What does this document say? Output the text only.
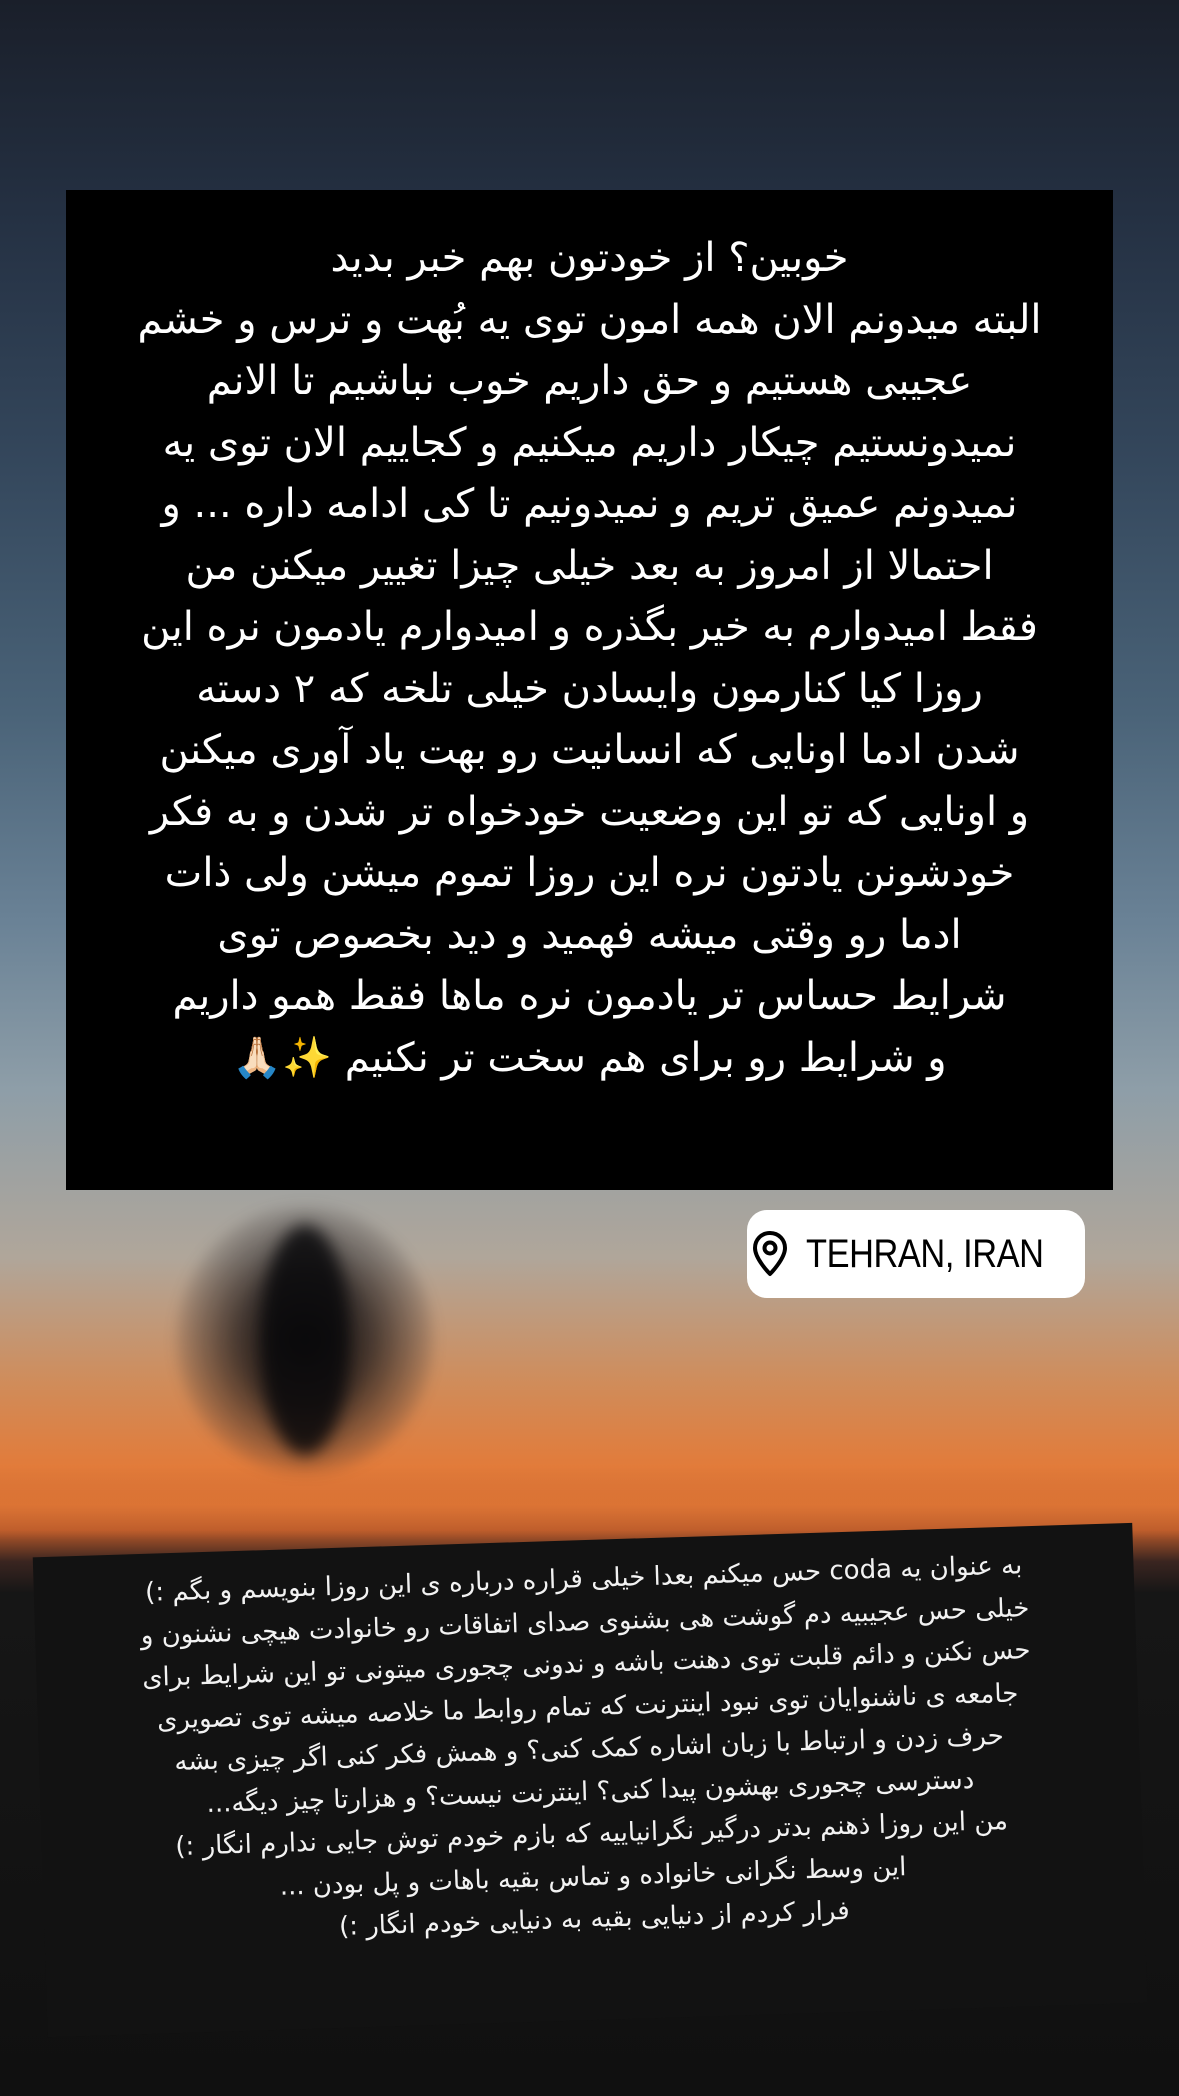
خوبین؟ از خودتون بهم خبر بدید
البته میدونم الان همه امون توی یه بُهت و ترس و خشم
عجیبی هستیم و حق داریم خوب نباشیم تا الانم
نمیدونستیم چیکار داریم میکنیم و کجاییم الان توی یه
نمیدونم عمیق تریم و نمیدونیم تا کی ادامه داره ... و
احتمالا از امروز به بعد خیلی چیزا تغییر میکنن من
فقط امیدوارم به خیر بگذره و امیدوارم یادمون نره این
روزا کیا کنارمون وایسادن خیلی تلخه که ۲ دسته
شدن ادما اونایی که انسانیت رو بهت یاد آوری میکنن
و اونایی که تو این وضعیت خودخواه تر شدن و به فکر
خودشونن یادتون نره این روزا تموم میشن ولی ذات
ادما رو وقتی میشه فهمید و دید بخصوص توی
شرایط حساس تر یادمون نره ماها فقط همو داریم
و شرایط رو برای هم سخت تر نکنیم ✨🙏🏻

TEHRAN, IRAN

به عنوان یه coda حس میکنم بعدا خیلی قراره درباره ی این روزا بنویسم و بگم :)
خیلی حس عجیبیه دم گوشت هی بشنوی صدای اتفاقات رو خانوادت هیچی نشنون و
حس نکنن و دائم قلبت توی دهنت باشه و ندونی چجوری میتونی تو این شرایط برای
جامعه ی ناشنوایان توی نبود اینترنت که تمام روابط ما خلاصه میشه توی تصویری
حرف زدن و ارتباط با زبان اشاره کمک کنی؟ و همش فکر کنی اگر چیزی بشه
دسترسی چجوری بهشون پیدا کنی؟ اینترنت نیست؟ و هزارتا چیز دیگه...
من این روزا ذهنم بدتر درگیر نگرانیاییه که بازم خودم توش جایی ندارم انگار :)
این وسط نگرانی خانواده و تماس بقیه باهات و پل بودن ...
فرار کردم از دنیایی بقیه به دنیایی خودم انگار :)
